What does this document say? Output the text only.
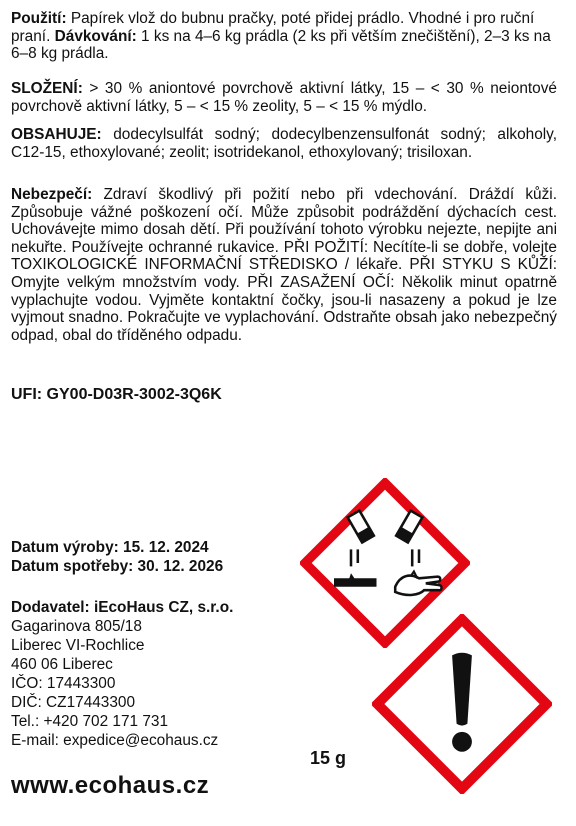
Použití: Papírek vlož do bubnu pračky, poté přidej prádlo. Vhodné i pro ruční praní. Dávkování: 1 ks na 4–6 kg prádla (2 ks při větším znečištění), 2–3 ks na 6–8 kg prádla.
SLOŽENÍ: > 30 % aniontové povrchově aktivní látky, 15 – < 30 % neiontové povrchově aktivní látky, 5 – < 15 % zeolity, 5 – < 15 % mýdlo.
OBSAHUJE: dodecylsulfát sodný; dodecylbenzensulfonát sodný; alkoholy, C12-15, ethoxylované; zeolit; isotridekanol, ethoxylovaný; trisiloxan.
Nebezpečí: Zdraví škodlivý při požití nebo při vdechování. Dráždí kůži. Způsobuje vážné poškození očí. Může způsobit podráždění dýchacích cest. Uchovávejte mimo dosah dětí. Při používání tohoto výrobku nejezte, nepijte ani nekuřte. Používejte ochranné rukavice. PŘI POŽITÍ: Necítíte-li se dobře, volejte TOXIKOLOGICKÉ INFORMAČNÍ STŘEDISKO / lékaře. PŘI STYKU S KŮŽÍ: Omyjte velkým množstvím vody. PŘI ZASAŽENÍ OČÍ: Několik minut opatrně vyplachujte vodou. Vyjměte kontaktní čočky, jsou-li nasazeny a pokud je lze vyjmout snadno. Pokračujte ve vyplachování. Odstraňte obsah jako nebezpečný odpad, obal do tříděného odpadu.
UFI: GY00-D03R-3002-3Q6K
Datum výroby: 15. 12. 2024
Datum spotřeby: 30. 12. 2026
Dodavatel: iEcoHaus CZ, s.r.o.
Gagarinova 805/18
Liberec VI-Rochlice
460 06 Liberec
IČO: 17443300
DIČ: CZ17443300
Tel.: +420 702 171 731
E-mail: expedice@ecohaus.cz
15 g
www.ecohaus.cz
